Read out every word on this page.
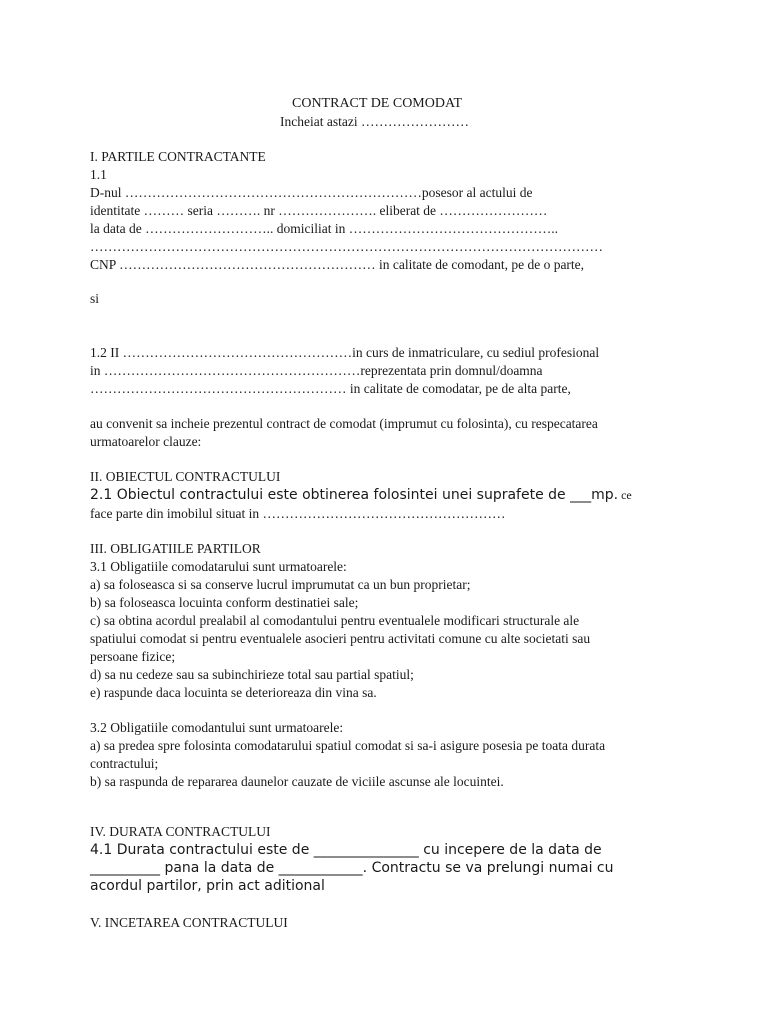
CONTRACT DE COMODAT
Incheiat astazi ……………………
I. PARTILE CONTRACTANTE
1.1
D-nul …………………………………………………………posesor al actului de
identitate ……… seria ………. nr …………………. eliberat de ……………………
la data de ……………………….. domiciliat in ………………………………………..
……………………………………………………………………………………………………
CNP ………………………………………………… in calitate de comodant, pe de o parte,
si
1.2 II ……………………………………………in curs de inmatriculare, cu sediul profesional
in …………………………………………………reprezentata prin domnul/doamna
………………………………………………… in calitate de comodatar, pe de alta parte,
au convenit sa incheie prezentul contract de comodat (imprumut cu folosinta), cu respecatarea
urmatoarelor clauze:
II. OBIECTUL CONTRACTULUI
2.1 Obiectul contractului este obtinerea folosintei unei suprafete de ___mp. ce
face parte din imobilul situat in ………………………………………………
III. OBLIGATIILE PARTILOR
3.1 Obligatiile comodatarului sunt urmatoarele:
a) sa foloseasca si sa conserve lucrul imprumutat ca un bun proprietar;
b) sa foloseasca locuinta conform destinatiei sale;
c) sa obtina acordul prealabil al comodantului pentru eventualele modificari structurale ale
spatiului comodat si pentru eventualele asocieri pentru activitati comune cu alte societati sau
persoane fizice;
d) sa nu cedeze sau sa subinchirieze total sau partial spatiul;
e) raspunde daca locuinta se deterioreaza din vina sa.
3.2 Obligatiile comodantului sunt urmatoarele:
a) sa predea spre folosinta comodatarului spatiul comodat si sa-i asigure posesia pe toata durata
contractului;
b) sa raspunda de repararea daunelor cauzate de viciile ascunse ale locuintei.
IV. DURATA CONTRACTULUI
4.1 Durata contractului este de _______________ cu incepere de la data de
__________ pana la data de ____________. Contractu se va prelungi numai cu
acordul partilor, prin act aditional
V. INCETAREA CONTRACTULUI
